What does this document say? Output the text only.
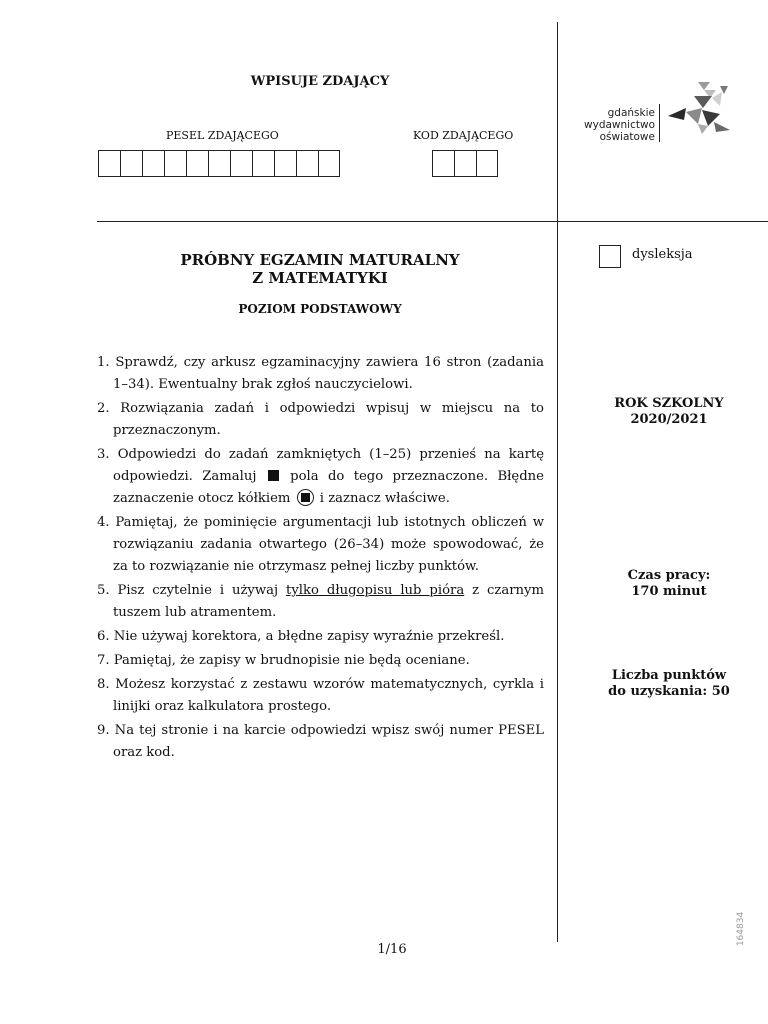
WPISUJE ZDAJĄCY
PESEL ZDAJĄCEGO	KOD ZDAJĄCEGO
gdańskie
wydawnictwo
oświatowe
PRÓBNY EGZAMIN MATURALNY
Z MATEMATYKI
POZIOM PODSTAWOWY
dysleksja
ROK SZKOLNY
2020/2021
Czas pracy:
170 minut
Liczba punktów
do uzyskania: 50
1. Sprawdź, czy arkusz egzaminacyjny zawiera 16 stron (zadania 1–34). Ewentualny brak zgłoś nauczycielowi.
2. Rozwiązania zadań i odpowiedzi wpisuj w miejscu na to przeznaczonym.
3. Odpowiedzi do zadań zamkniętych (1–25) przenieś na kartę odpowiedzi. Zamaluj	pola do tego przeznaczone. Błędne zaznaczenie otocz kółkiem i zaznacz właściwe.
4. Pamiętaj, że pominięcie argumentacji lub istotnych obliczeń w rozwiązaniu zadania otwartego (26–34) może spowodować, że za to rozwiązanie nie otrzymasz pełnej liczby punktów.
5. Pisz czytelnie i używaj tylko długopisu lub pióra z czarnym tuszem lub atramentem.
6. Nie używaj korektora, a błędne zapisy wyraźnie przekreśl.
7. Pamiętaj, że zapisy w brudnopisie nie będą oceniane.
8. Możesz korzystać z zestawu wzorów matematycznych, cyrkla i linijki oraz kalkulatora prostego.
9. Na tej stronie i na karcie odpowiedzi wpisz swój numer PESEL oraz kod.
1/16
164834
